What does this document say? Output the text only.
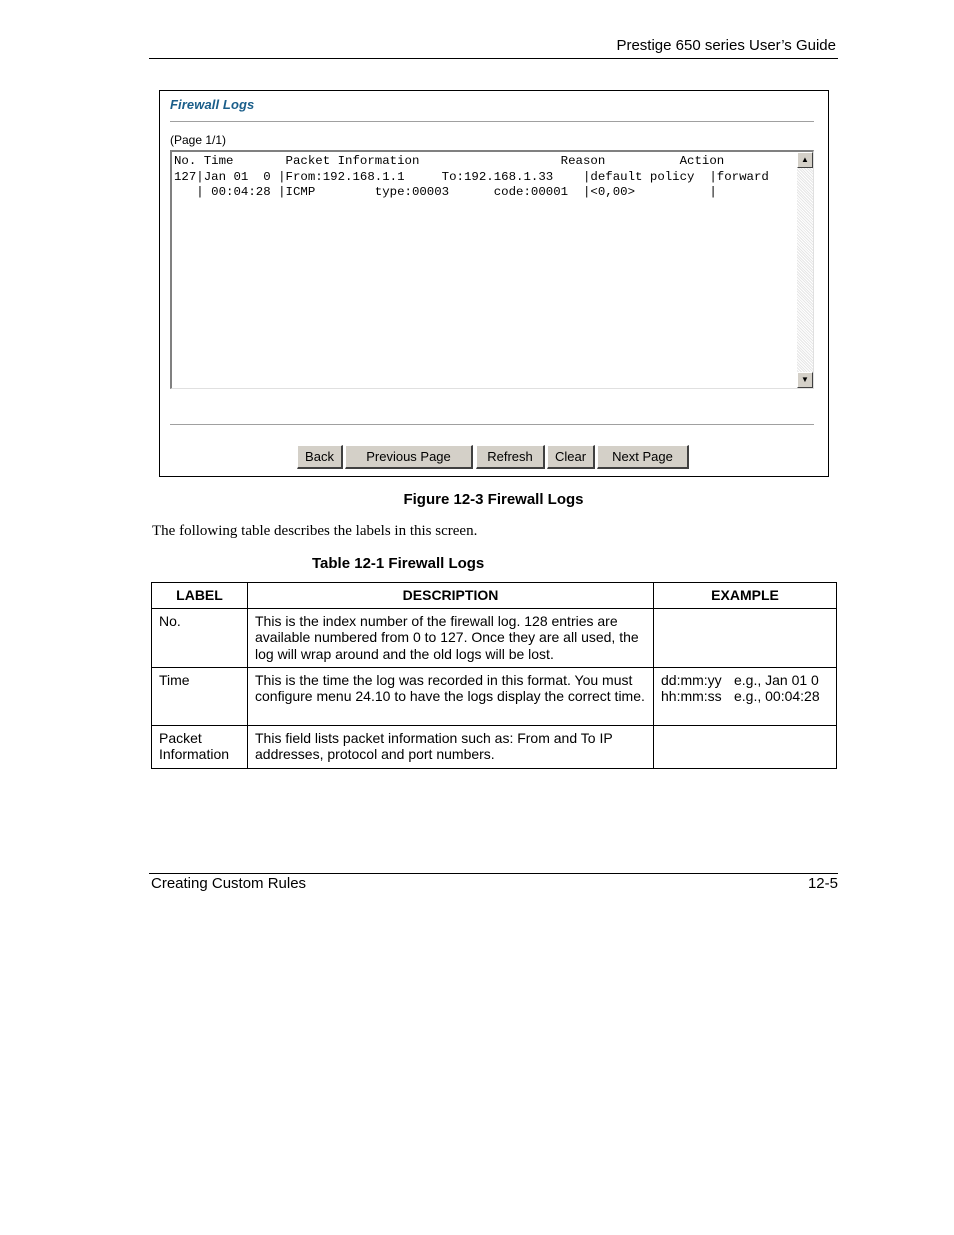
Prestige 650 series User’s Guide
Firewall Logs
(Page 1/1)
No. Time       Packet Information                   Reason          Action
127|Jan 01  0 |From:192.168.1.1     To:192.168.1.33    |default policy  |forward
| 00:04:28 |ICMP        type:00003      code:00001  |<0,00>          |
▲
▼
Back	Previous Page	Refresh	Clear	Next Page
Figure 12-3 Firewall Logs
The following table describes the labels in this screen.
Table 12-1 Firewall Logs
LABEL	DESCRIPTION	EXAMPLE
No.	This is the index number of the firewall log. 128 entries are available numbered from 0 to 127. Once they are all used, the log will wrap around and the old logs will be lost.	
Time	This is the time the log was recorded in this format. You must configure menu 24.10 to have the logs display the correct time.	dd:mm:yy e.g., Jan 01 0
hh:mm:ss e.g., 00:04:28

Packet Information	This field lists packet information such as: From and To IP addresses, protocol and port numbers.	
Creating Custom Rules	12-5
